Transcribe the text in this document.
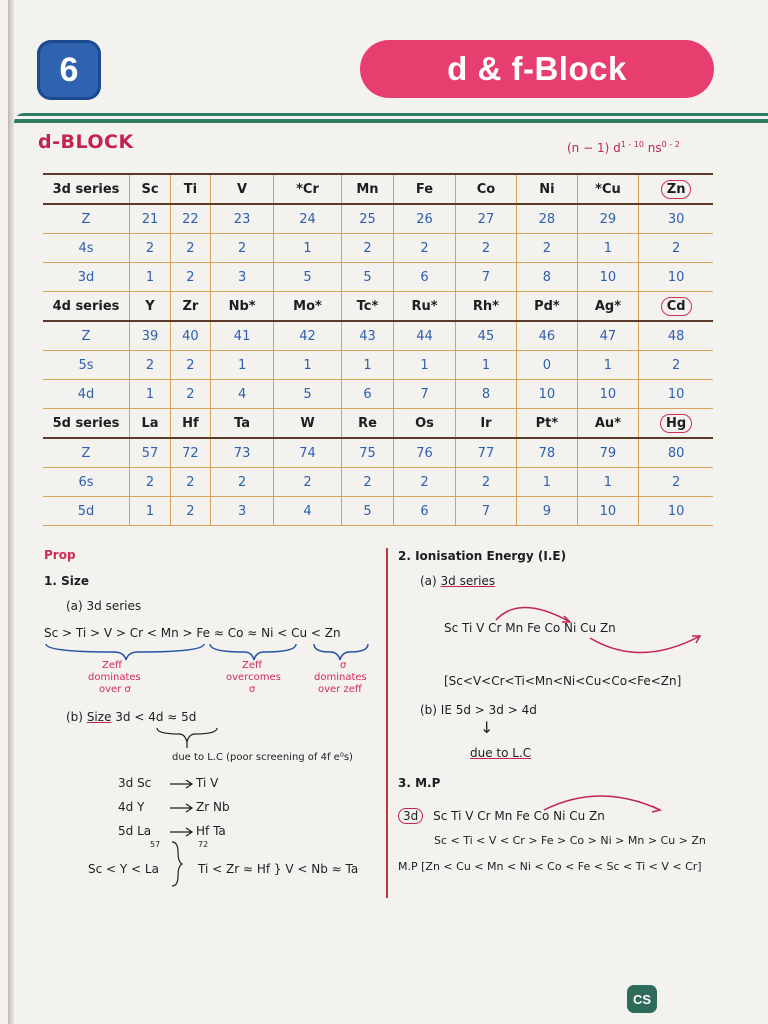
6	d & f-Block
d-BLOCK	(n − 1) $d^{1 - 10}$ $ns^{0 - 2}$
3d series	Sc	Ti	V	*Cr	Mn	Fe	Co	Ni	*Cu	Zn
Z	21	22	23	24	25	26	27	28	29	30
4s	2	2	2	1	2	2	2	2	1	2
3d	1	2	3	5	5	6	7	8	10	10
4d series	Y	Zr	Nb*	Mo*	Tc*	Ru*	Rh*	Pd*	Ag*	Cd
Z	39	40	41	42	43	44	45	46	47	48
5s	2	2	1	1	1	1	1	0	1	2
4d	1	2	4	5	6	7	8	10	10	10
5d series	La	Hf	Ta	W	Re	Os	Ir	Pt*	Au*	Hg
Z	57	72	73	74	75	76	77	78	79	80
6s	2	2	2	2	2	2	2	1	1	2
5d	1	2	3	4	5	6	7	9	10	10
Prop
1. Size
(a) 3d series
Sc > Ti > V > Cr < Mn > Fe ≈ Co ≈ Ni < Cu < Zn
Zeff
dominates
over σ
Zeff
overcomes
σ
σ
dominates
over zeff
(b) Size 3d < 4d ≈ 5d
due to L.C (poor screening of 4f e⁰s)
3d Sc	Ti V
4d Y	Zr Nb
5d La	Hf Ta
57	72
Sc < Y < La	Ti < Zr ≈ Hf } V < Nb ≈ Ta
2. Ionisation Energy (I.E)
(a) 3d series
Sc Ti V Cr Mn Fe Co Ni Cu Zn
[Sc<V<Cr<Ti<Mn<Ni<Cu<Co<Fe<Zn]
(b) IE 5d > 3d > 4d
↓
due to L.C
3. M.P
3d Sc Ti V Cr Mn Fe Co Ni Cu Zn
Sc < Ti < V < Cr > Fe > Co > Ni > Mn > Cu > Zn
M.P [Zn < Cu < Mn < Ni < Co < Fe < Sc < Ti < V < Cr]
CS
